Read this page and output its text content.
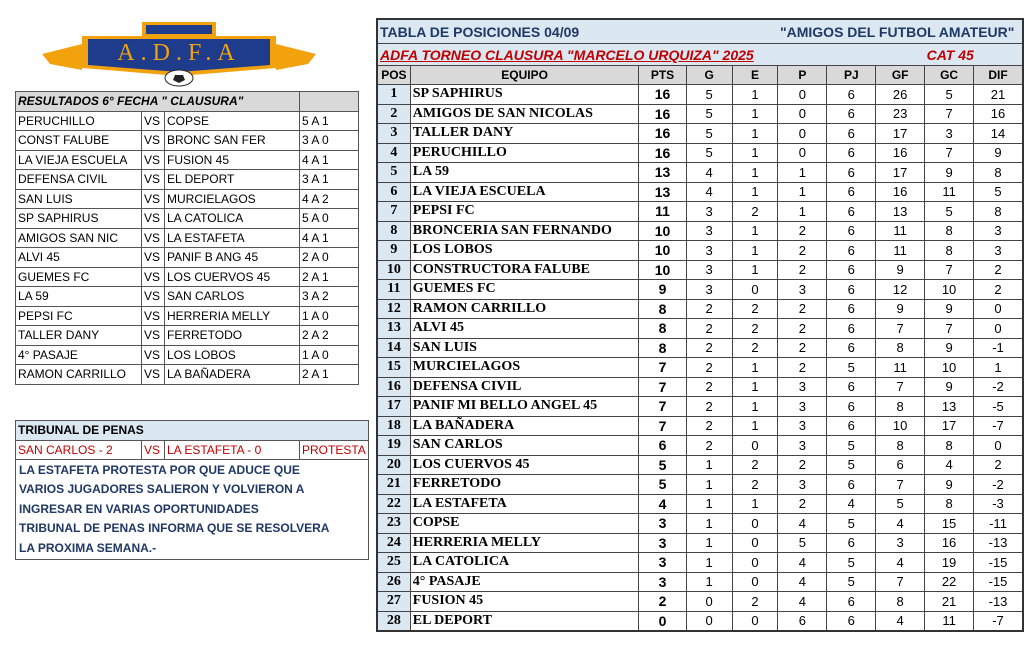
A.D.F.A
RESULTADOS 6° FECHA " CLAUSURA"			
PERUCHILLO	VS	COPSE	5 A 1
CONST FALUBE	VS	BRONC SAN FER	3 A 0
LA VIEJA ESCUELA	VS	FUSION 45	4 A 1
DEFENSA CIVIL	VS	EL DEPORT	3 A 1
SAN LUIS	VS	MURCIELAGOS	4 A 2
SP SAPHIRUS	VS	LA CATOLICA	5 A 0
AMIGOS SAN NIC	VS	LA ESTAFETA	4 A 1
ALVI 45	VS	PANIF B ANG 45	2 A 0
GUEMES FC	VS	LOS CUERVOS 45	2 A 1
LA 59	VS	SAN CARLOS	3 A 2
PEPSI FC	VS	HERRERIA MELLY	1 A 0
TALLER DANY	VS	FERRETODO	2 A 2
4° PASAJE	VS	LOS LOBOS	1 A 0
RAMON CARRILLO	VS	LA BAÑADERA	2 A 1
TRIBUNAL DE PENAS
SAN CARLOS - 2	VS	LA ESTAFETA - 0	PROTESTA

LA ESTAFETA PROTESTA POR QUE ADUCE QUE
VARIOS JUGADORES SALIERON Y VOLVIERON A
INGRESAR EN VARIAS OPORTUNIDADES
TRIBUNAL DE PENAS INFORMA QUE SE RESOLVERA
LA PROXIMA SEMANA.-
TABLA DE POSICIONES 04/09					"AMIGOS DEL FUTBOL AMATEUR"				
ADFA TORNEO CLAUSURA "MARCELO URQUIZA" 2025								CAT 45	
POS	EQUIPO	PTS	G	E	P	PJ	GF	GC	DIF
1	SP SAPHIRUS	16	5	1	0	6	26	5	21
2	AMIGOS DE SAN NICOLAS	16	5	1	0	6	23	7	16
3	TALLER DANY	16	5	1	0	6	17	3	14
4	PERUCHILLO	16	5	1	0	6	16	7	9
5	LA 59	13	4	1	1	6	17	9	8
6	LA VIEJA ESCUELA	13	4	1	1	6	16	11	5
7	PEPSI FC	11	3	2	1	6	13	5	8
8	BRONCERIA SAN FERNANDO	10	3	1	2	6	11	8	3
9	LOS LOBOS	10	3	1	2	6	11	8	3
10	CONSTRUCTORA FALUBE	10	3	1	2	6	9	7	2
11	GUEMES FC	9	3	0	3	6	12	10	2
12	RAMON CARRILLO	8	2	2	2	6	9	9	0
13	ALVI 45	8	2	2	2	6	7	7	0
14	SAN LUIS	8	2	2	2	6	8	9	-1
15	MURCIELAGOS	7	2	1	2	5	11	10	1
16	DEFENSA CIVIL	7	2	1	3	6	7	9	-2
17	PANIF MI BELLO ANGEL 45	7	2	1	3	6	8	13	-5
18	LA BAÑADERA	7	2	1	3	6	10	17	-7
19	SAN CARLOS	6	2	0	3	5	8	8	0
20	LOS CUERVOS 45	5	1	2	2	5	6	4	2
21	FERRETODO	5	1	2	3	6	7	9	-2
22	LA ESTAFETA	4	1	1	2	4	5	8	-3
23	COPSE	3	1	0	4	5	4	15	-11
24	HERRERIA MELLY	3	1	0	5	6	3	16	-13
25	LA CATOLICA	3	1	0	4	5	4	19	-15
26	4° PASAJE	3	1	0	4	5	7	22	-15
27	FUSION 45	2	0	2	4	6	8	21	-13
28	EL DEPORT	0	0	0	6	6	4	11	-7
